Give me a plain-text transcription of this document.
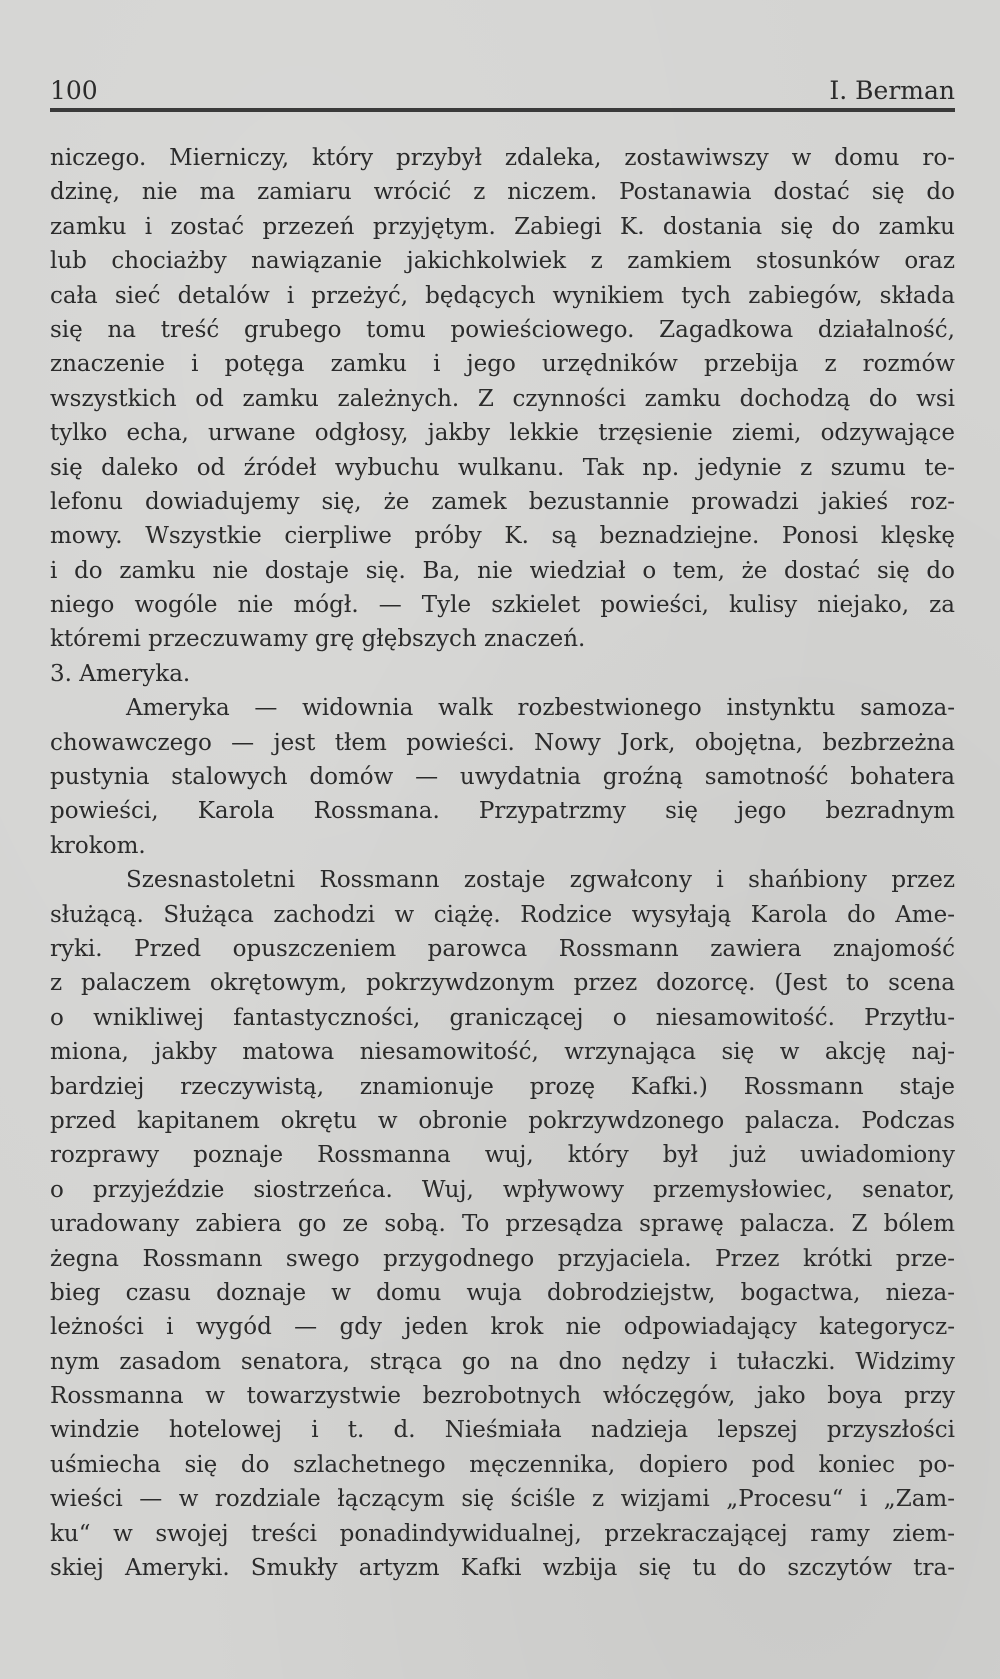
100	I. Berman
niczego. Mierniczy, który przybył zdaleka, zostawiwszy w domu ro-
dzinę, nie ma zamiaru wrócić z niczem. Postanawia dostać się do
zamku i zostać przezeń przyjętym. Zabiegi K. dostania się do zamku
lub chociażby nawiązanie jakichkolwiek z zamkiem stosunków oraz
cała sieć detalów i przeżyć, będących wynikiem tych zabiegów, składa
się na treść grubego tomu powieściowego. Zagadkowa działalność,
znaczenie i potęga zamku i jego urzędników przebija z rozmów
wszystkich od zamku zależnych. Z czynności zamku dochodzą do wsi
tylko echa, urwane odgłosy, jakby lekkie trzęsienie ziemi, odzywające
się daleko od źródeł wybuchu wulkanu. Tak np. jedynie z szumu te-
lefonu dowiadujemy się, że zamek bezustannie prowadzi jakieś roz-
mowy. Wszystkie cierpliwe próby K. są beznadziejne. Ponosi klęskę
i do zamku nie dostaje się. Ba, nie wiedział o tem, że dostać się do
niego wogóle nie mógł. — Tyle szkielet powieści, kulisy niejako, za
któremi przeczuwamy grę głębszych znaczeń.
3. Ameryka.
Ameryka — widownia walk rozbestwionego instynktu samoza-
chowawczego — jest tłem powieści. Nowy Jork, obojętna, bezbrzeżna
pustynia stalowych domów — uwydatnia groźną samotność bohatera
powieści, Karola Rossmana. Przypatrzmy się jego bezradnym
krokom.
Szesnastoletni Rossmann zostaje zgwałcony i shańbiony przez
służącą. Służąca zachodzi w ciążę. Rodzice wysyłają Karola do Ame-
ryki. Przed opuszczeniem parowca Rossmann zawiera znajomość
z palaczem okrętowym, pokrzywdzonym przez dozorcę. (Jest to scena
o wnikliwej fantastyczności, graniczącej o niesamowitość. Przytłu-
miona, jakby matowa niesamowitość, wrzynająca się w akcję naj-
bardziej rzeczywistą, znamionuje prozę Kafki.) Rossmann staje
przed kapitanem okrętu w obronie pokrzywdzonego palacza. Podczas
rozprawy poznaje Rossmanna wuj, który był już uwiadomiony
o przyjeździe siostrzeńca. Wuj, wpływowy przemysłowiec, senator,
uradowany zabiera go ze sobą. To przesądza sprawę palacza. Z bólem
żegna Rossmann swego przygodnego przyjaciela. Przez krótki prze-
bieg czasu doznaje w domu wuja dobrodziejstw, bogactwa, nieza-
leżności i wygód — gdy jeden krok nie odpowiadający kategorycz-
nym zasadom senatora, strąca go na dno nędzy i tułaczki. Widzimy
Rossmanna w towarzystwie bezrobotnych włóczęgów, jako boya przy
windzie hotelowej i t. d. Nieśmiała nadzieja lepszej przyszłości
uśmiecha się do szlachetnego męczennika, dopiero pod koniec po-
wieści — w rozdziale łączącym się ściśle z wizjami „Procesu“ i „Zam-
ku“ w swojej treści ponadindywidualnej, przekraczającej ramy ziem-
skiej Ameryki. Smukły artyzm Kafki wzbija się tu do szczytów tra-
